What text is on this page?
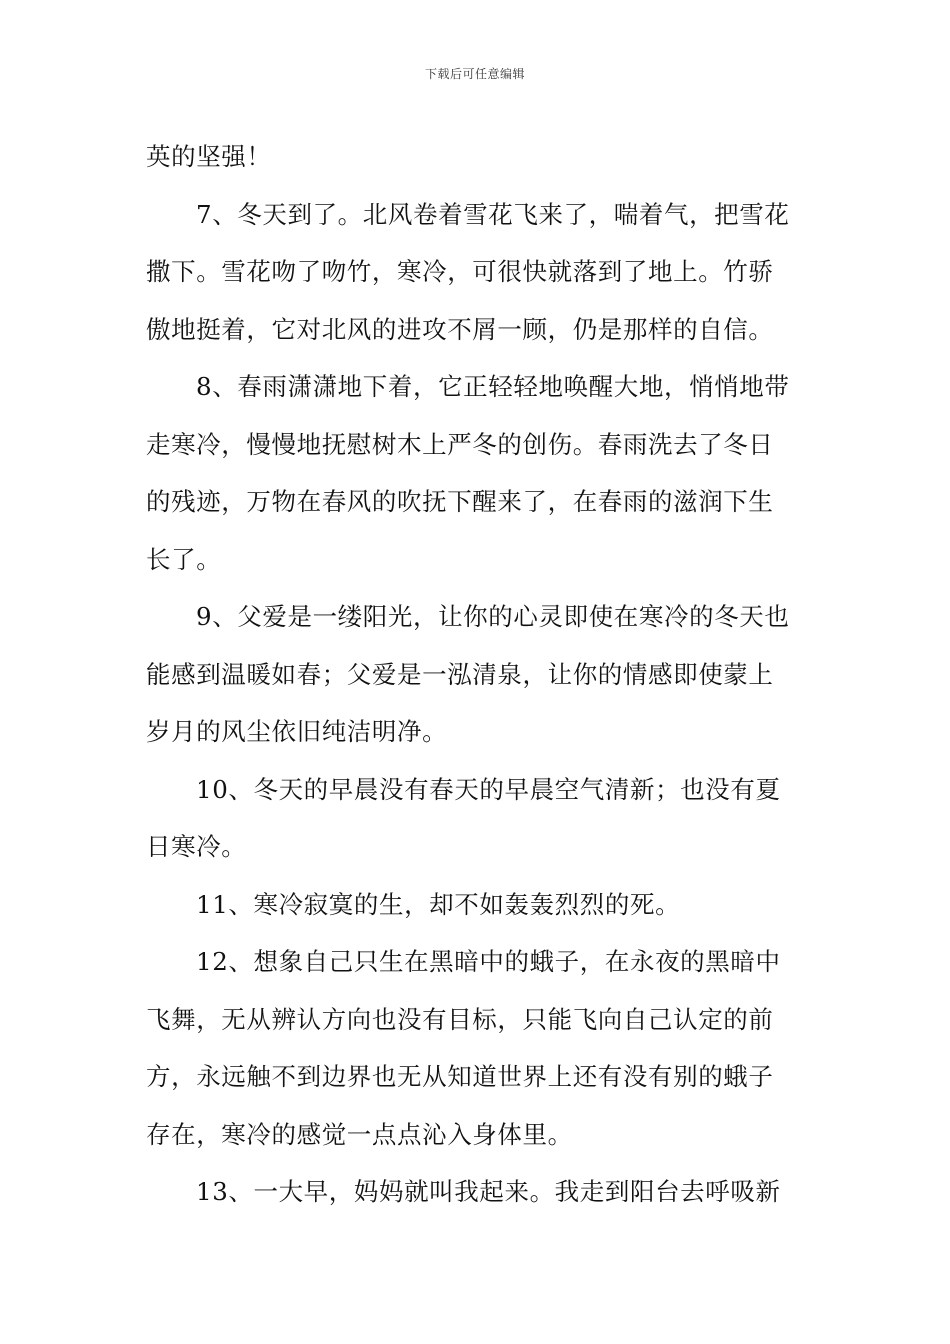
下载后可任意编辑
英的坚强！
7、冬天到了。北风卷着雪花飞来了，喘着气，把雪花
撒下。雪花吻了吻竹，寒冷，可很快就落到了地上。竹骄
傲地挺着，它对北风的进攻不屑一顾，仍是那样的自信。
8、春雨潇潇地下着，它正轻轻地唤醒大地，悄悄地带
走寒冷，慢慢地抚慰树木上严冬的创伤。春雨洗去了冬日
的残迹，万物在春风的吹抚下醒来了，在春雨的滋润下生
长了。
9、父爱是一缕阳光，让你的心灵即使在寒冷的冬天也
能感到温暖如春；父爱是一泓清泉，让你的情感即使蒙上
岁月的风尘依旧纯洁明净。
10、冬天的早晨没有春天的早晨空气清新；也没有夏
日寒冷。
11、寒冷寂寞的生，却不如轰轰烈烈的死。
12、想象自己只生在黑暗中的蛾子，在永夜的黑暗中
飞舞，无从辨认方向也没有目标，只能飞向自己认定的前
方，永远触不到边界也无从知道世界上还有没有别的蛾子
存在，寒冷的感觉一点点沁入身体里。
13、一大早，妈妈就叫我起来。我走到阳台去呼吸新
